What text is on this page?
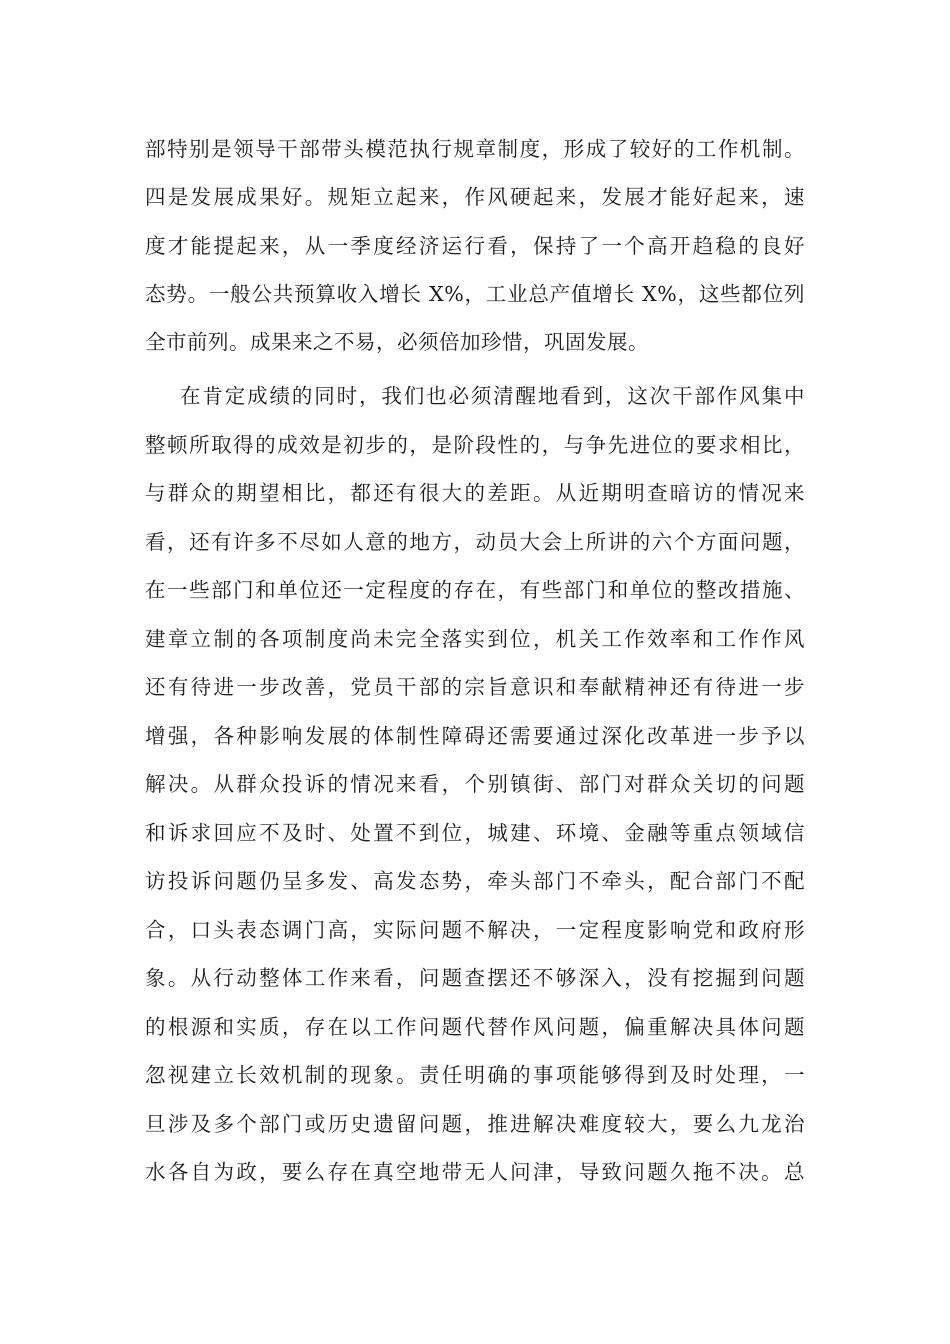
部特别是领导干部带头模范执行规章制度，形成了较好的工作机制。
四是发展成果好。规矩立起来，作风硬起来，发展才能好起来，速
度才能提起来，从一季度经济运行看，保持了一个高开趋稳的良好
态势。一般公共预算收入增长 X%，工业总产值增长 X%，这些都位列
全市前列。成果来之不易，必须倍加珍惜，巩固发展。
在肯定成绩的同时，我们也必须清醒地看到，这次干部作风集中
整顿所取得的成效是初步的，是阶段性的，与争先进位的要求相比，
与群众的期望相比，都还有很大的差距。从近期明查暗访的情况来
看，还有许多不尽如人意的地方，动员大会上所讲的六个方面问题，
在一些部门和单位还一定程度的存在，有些部门和单位的整改措施、
建章立制的各项制度尚未完全落实到位，机关工作效率和工作作风
还有待进一步改善，党员干部的宗旨意识和奉献精神还有待进一步
增强，各种影响发展的体制性障碍还需要通过深化改革进一步予以
解决。从群众投诉的情况来看，个别镇街、部门对群众关切的问题
和诉求回应不及时、处置不到位，城建、环境、金融等重点领域信
访投诉问题仍呈多发、高发态势，牵头部门不牵头，配合部门不配
合，口头表态调门高，实际问题不解决，一定程度影响党和政府形
象。从行动整体工作来看，问题查摆还不够深入，没有挖掘到问题
的根源和实质，存在以工作问题代替作风问题，偏重解决具体问题
忽视建立长效机制的现象。责任明确的事项能够得到及时处理，一
旦涉及多个部门或历史遗留问题，推进解决难度较大，要么九龙治
水各自为政，要么存在真空地带无人问津，导致问题久拖不决。总
